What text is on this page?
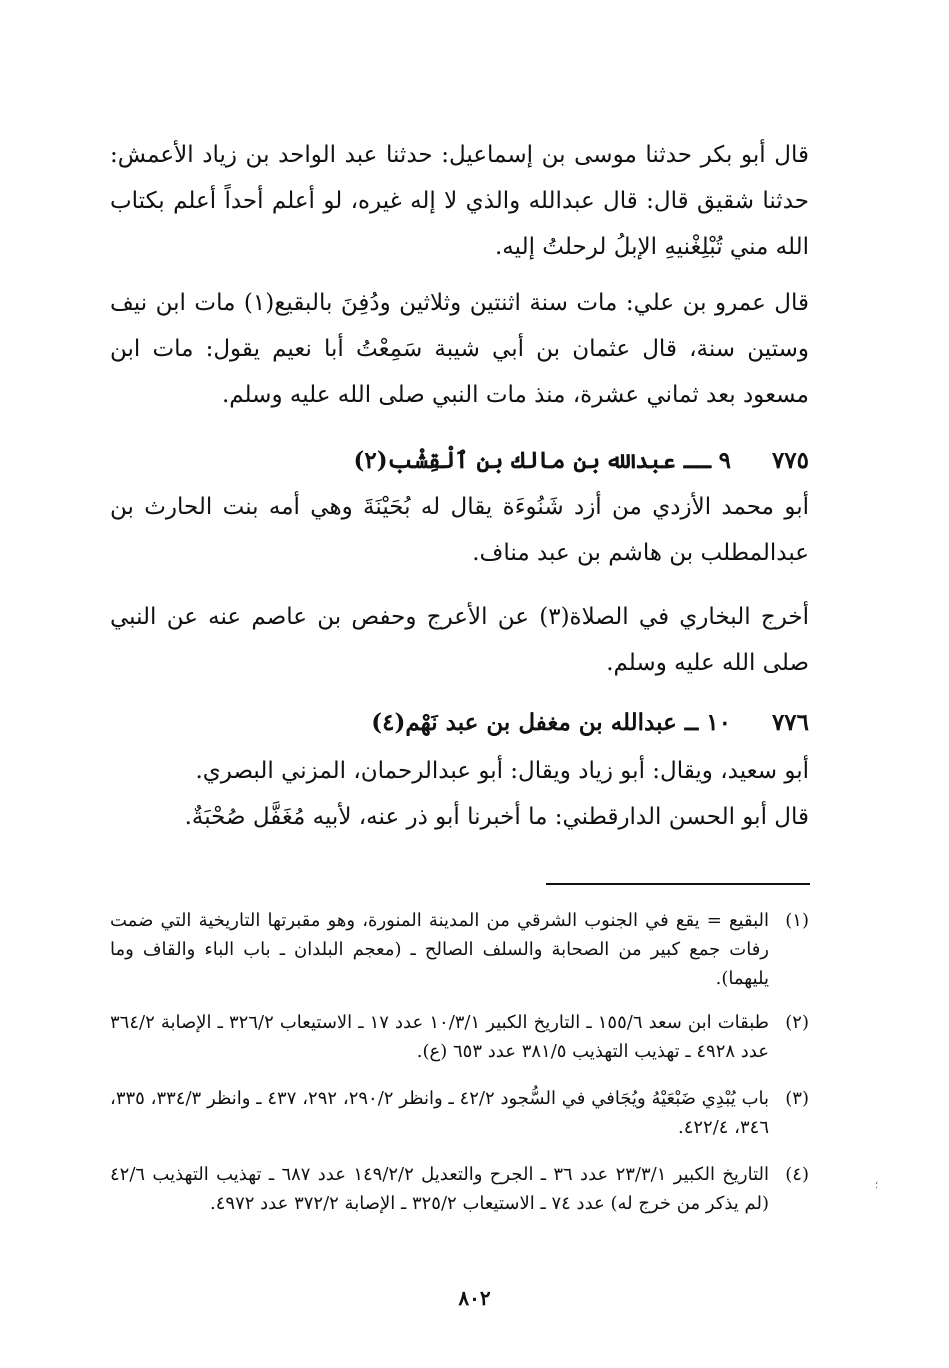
قال أبو بكر حدثنا موسى بن إسماعيل: حدثنا عبد الواحد بن زياد الأعمش: حدثنا شقيق قال: قال عبدالله والذي لا إله غيره، لو أعلم أحداً أعلم بكتاب الله مني تُبْلِغْنيهِ الإبلُ لرحلتُ إليه.

قال عمرو بن علي: مات سنة اثنتين وثلاثين ودُفِنَ بالبقيع(١) مات ابن نيف وستين سنة، قال عثمان بن أبي شيبة سَمِعْتُ أبا نعيم يقول: مات ابن مسعود بعد ثماني عشرة، منذ مات النبي صلى الله عليه وسلم.

٧٧٥
٩ ــ عبدالله بن مالك بن ٱلْقِشْب(٢)

أبو محمد الأزدي من أزد شَنُوءَة يقال له بُحَيْنَةَ وهي أمه بنت الحارث بن عبدالمطلب بن هاشم بن عبد مناف.

أخرج البخاري في الصلاة(٣) عن الأعرج وحفص بن عاصم عنه عن النبي صلى الله عليه وسلم.

٧٧٦
١٠ ــ عبدالله بن مغفل بن عبد نَهْم(٤)

أبو سعيد، ويقال: أبو زياد ويقال: أبو عبدالرحمان، المزني البصري.

قال أبو الحسن الدارقطني: ما أخبرنا أبو ذر عنه، لأبيه مُغَفَّل صُحْبَةٌ.

(١)
البقيع = يقع في الجنوب الشرقي من المدينة المنورة، وهو مقبرتها التاريخية التي ضمت رفات جمع كبير من الصحابة والسلف الصالح ـ (معجم البلدان ـ باب الباء والقاف وما يليهما).
(٢)
طبقات ابن سعد ١٥٥/٦ ـ التاريخ الكبير ١٠/٣/١ عدد ١٧ ـ الاستيعاب ٣٢٦/٢ ـ الإصابة ٣٦٤/٢ عدد ٤٩٢٨ ـ تهذيب التهذيب ٣٨١/٥ عدد ٦٥٣ (ع).
(٣)
باب يُبْدِي ضَبْعَيْهُ ويُجَافي في السُّجود ٤٢/٢ ـ وانظر ٢٩٠/٢، ٢٩٢، ٤٣٧ ـ وانظر ٣٣٤/٣، ٣٣٥، ٣٤٦، ٤٢٢/٤.
(٤)
التاريخ الكبير ٢٣/٣/١ عدد ٣٦ ـ الجرح والتعديل ١٤٩/٢/٢ عدد ٦٨٧ ـ تهذيب التهذيب ٤٢/٦ (لم يذكر من خرج له) عدد ٧٤ ـ الاستيعاب ٣٢٥/٢ ـ الإصابة ٣٧٢/٢ عدد ٤٩٧٢.
؛
٨٠٢
